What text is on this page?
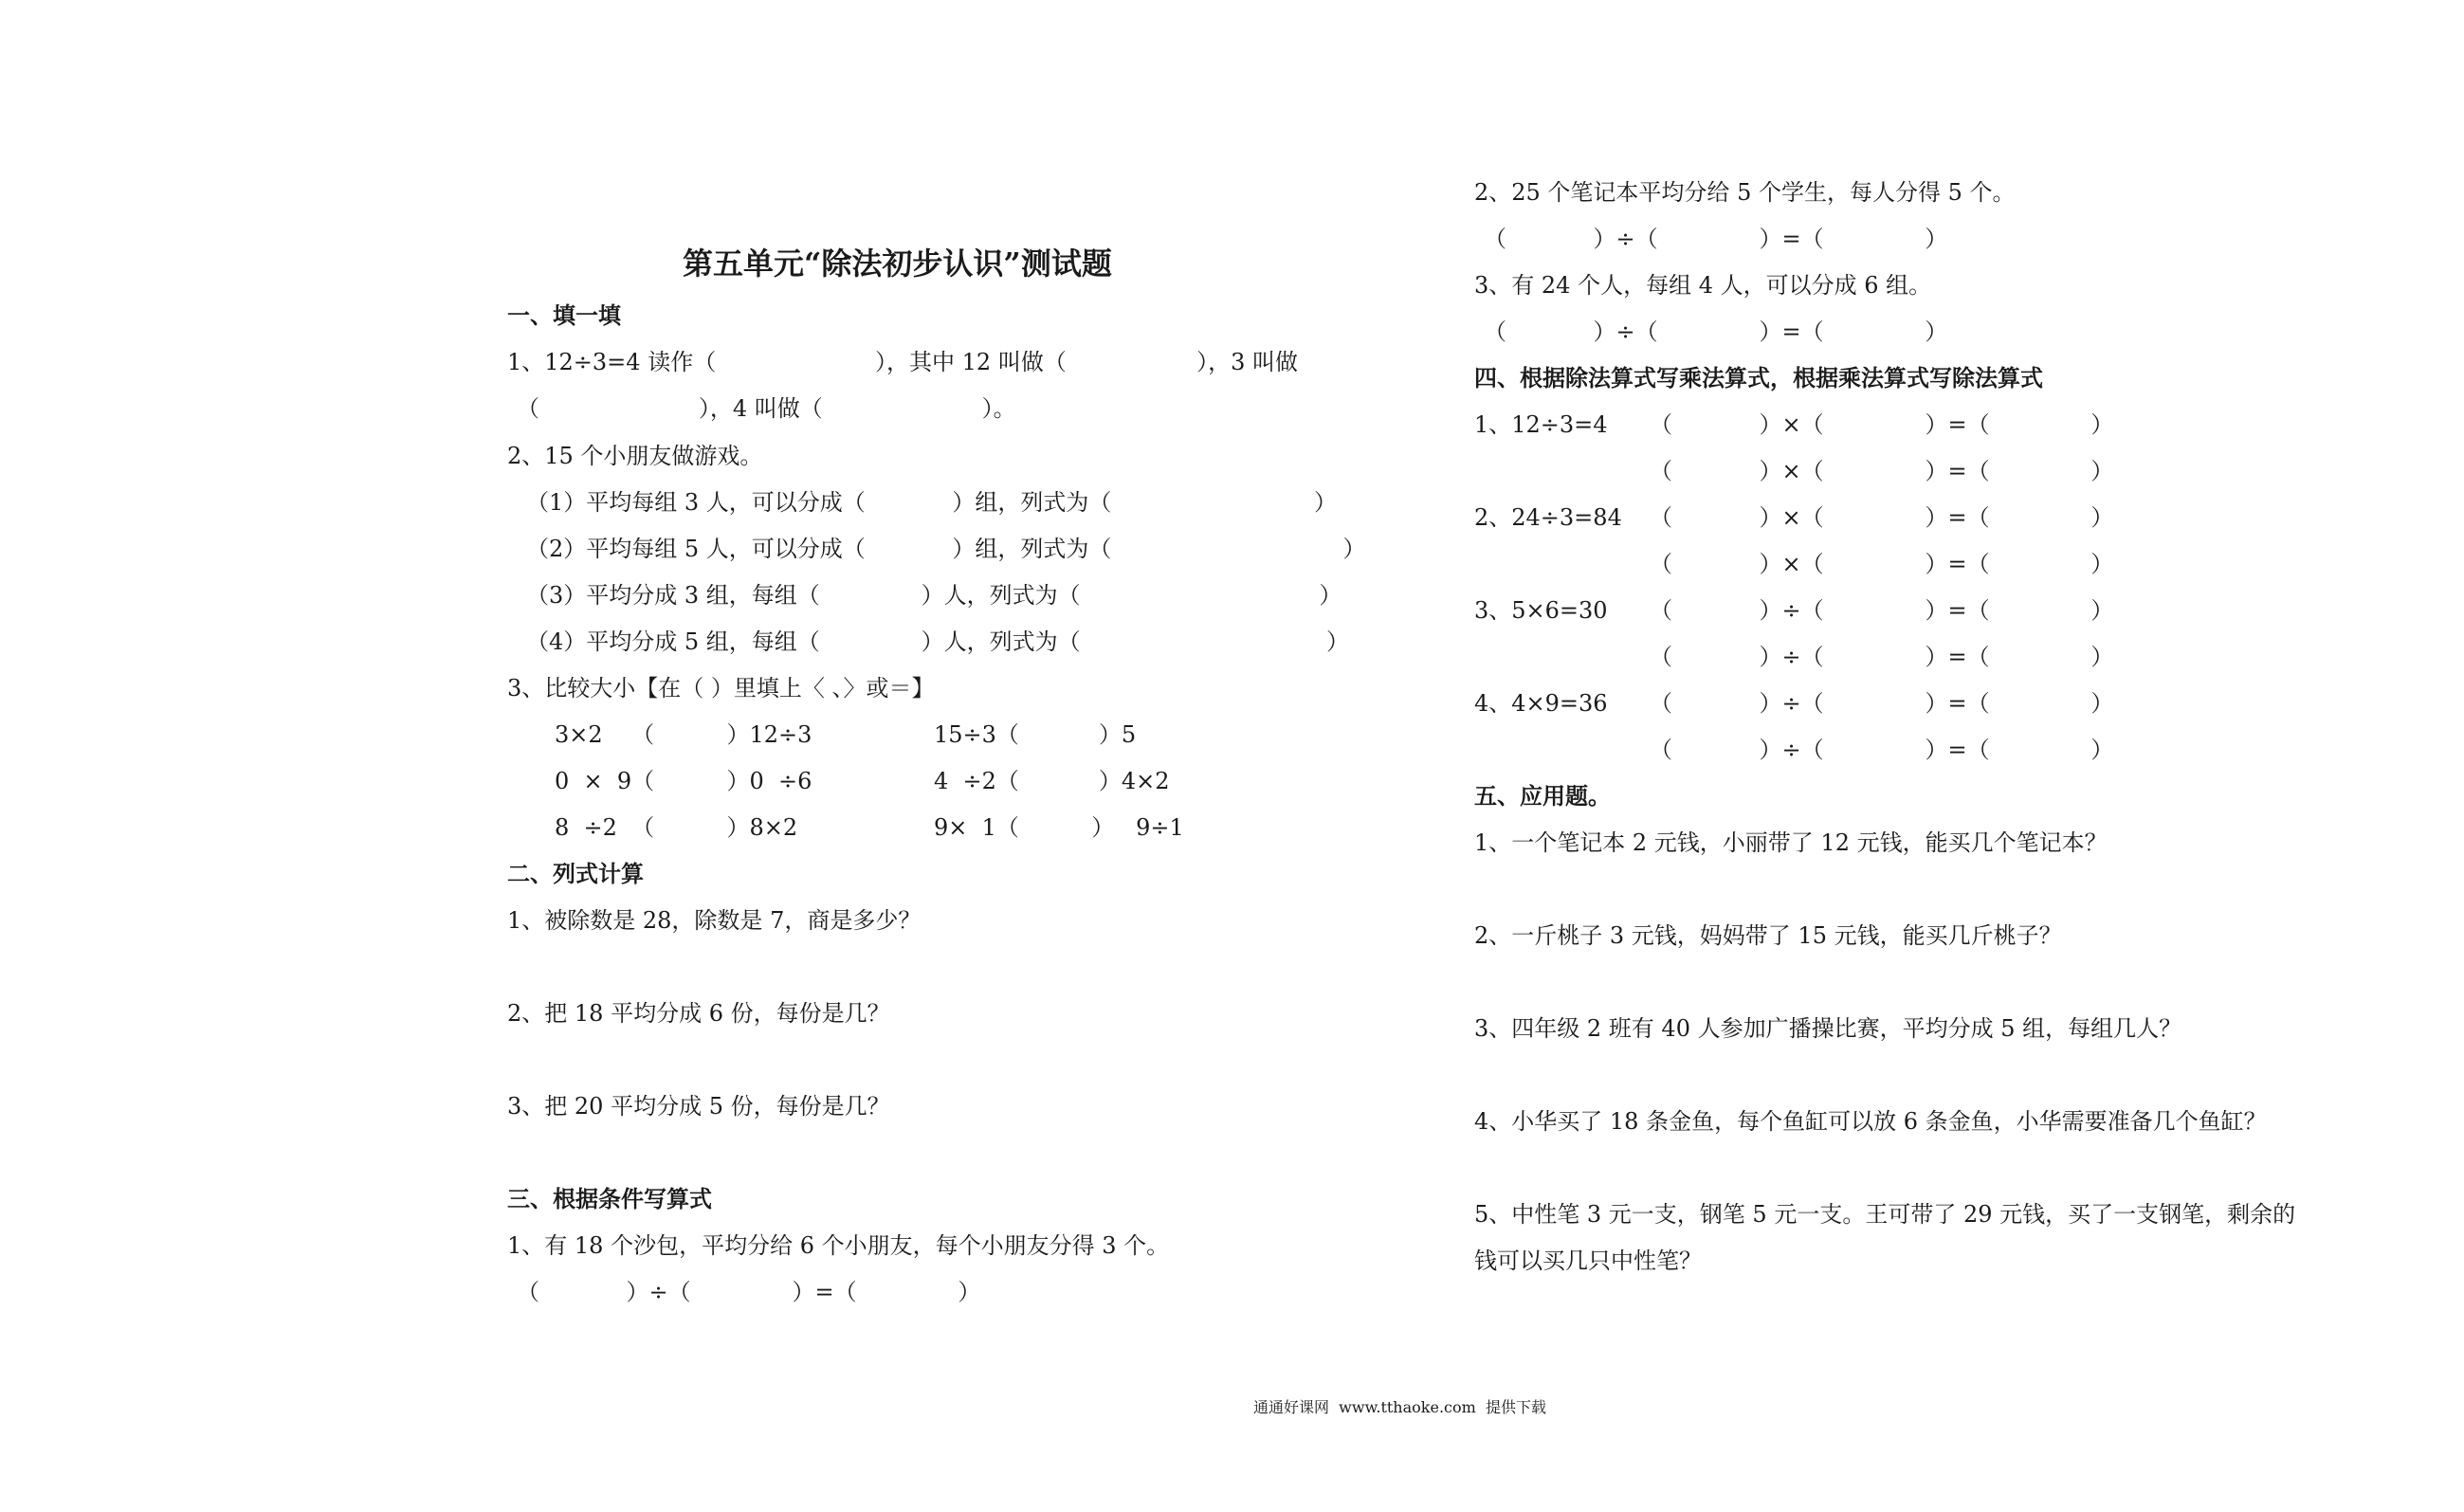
第五单元“除法初步认识”测试题
一、填一填
1、12÷3=4 读作（                      ），其中 12 叫做（                  ），3 叫做
（                      ），4 叫做（                      ）。
2、15 个小朋友做游戏。
（1）平均每组 3 人，可以分成（            ）组，列式为（                            ）
（2）平均每组 5 人，可以分成（            ）组，列式为（                                ）
（3）平均分成 3 组，每组（              ）人，列式为（                                 ）
（4）平均分成 5 组，每组（              ）人，列式为（                                  ）
3、比较大小【在（ ）里填上〈 、〉或＝】
3×2    （          ）12÷3	15÷3（           ）5
0  ×  9（          ）0  ÷6	4  ÷2（           ）4×2
8  ÷2  （          ）8×2	9×  1（          ）   9÷1
二、列式计算
1、被除数是 28，除数是 7，商是多少？
2、把 18 平均分成 6 份，每份是几？
3、把 20 平均分成 5 份，每份是几？
三、根据条件写算式
1、有 18 个沙包，平均分给 6 个小朋友，每个小朋友分得 3 个。
（            ）÷（              ）=（              ）
2、25 个笔记本平均分给 5 个学生，每人分得 5 个。
（            ）÷（              ）=（              ）
3、有 24 个人，每组 4 人，可以分成 6 组。
（            ）÷（              ）=（              ）
四、根据除法算式写乘法算式，根据乘法算式写除法算式
1、12÷3=4 （            ）×（              ）=（              ）
（            ）×（              ）=（              ）
2、24÷3=84 （            ）×（              ）=（              ）
（            ）×（              ）=（              ）
3、5×6=30 （            ）÷（              ）=（              ）
（            ）÷（              ）=（              ）
4、4×9=36 （            ）÷（              ）=（              ）
（            ）÷（              ）=（              ）
五、应用题。
1、一个笔记本 2 元钱，小丽带了 12 元钱，能买几个笔记本？
2、一斤桃子 3 元钱，妈妈带了 15 元钱，能买几斤桃子？
3、四年级 2 班有 40 人参加广播操比赛，平均分成 5 组，每组几人？
4、小华买了 18 条金鱼，每个鱼缸可以放 6 条金鱼，小华需要准备几个鱼缸？
5、中性笔 3 元一支，钢笔 5 元一支。王可带了 29 元钱，买了一支钢笔，剩余的
钱可以买几只中性笔？
通通好课网  www.tthaoke.com  提供下载
